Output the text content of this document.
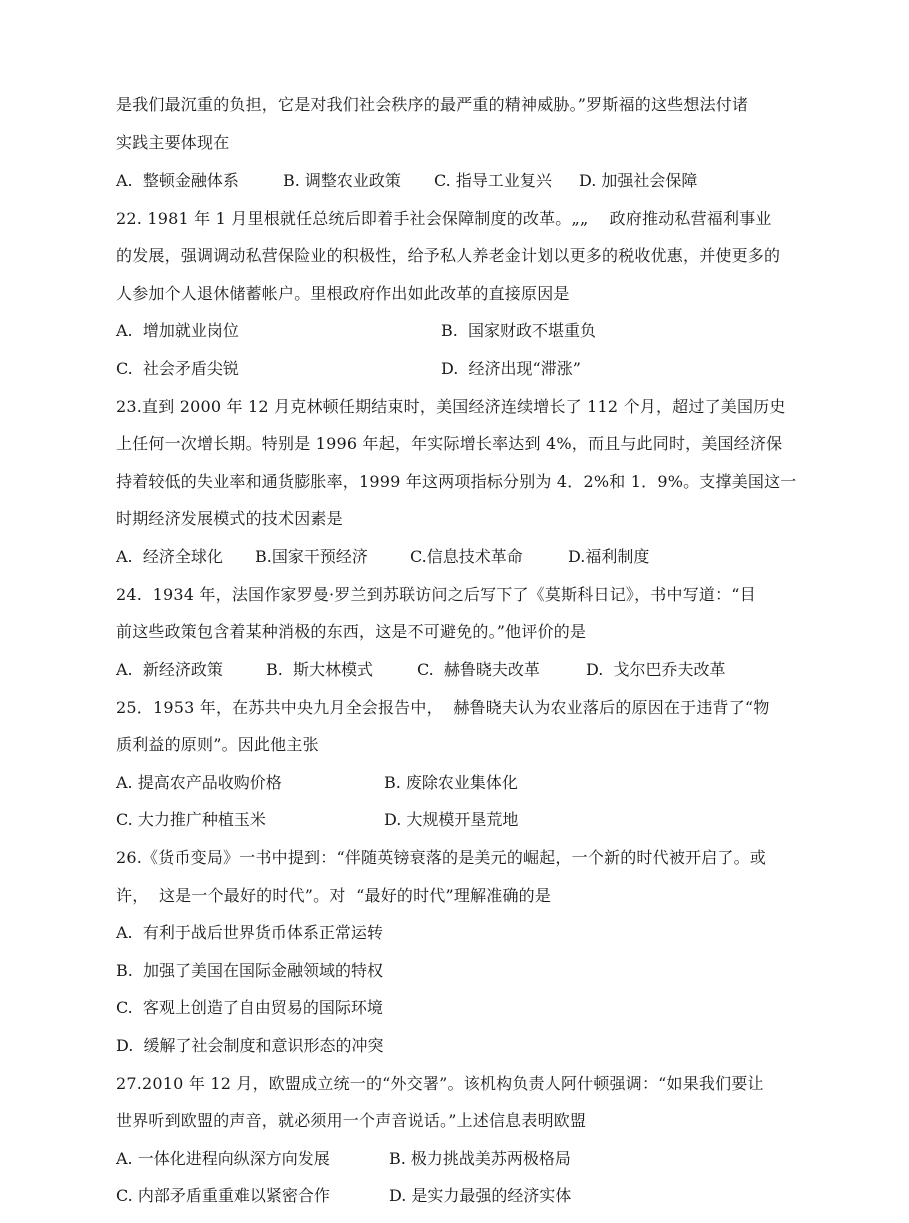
是我们最沉重的负担，它是对我们社会秩序的最严重的精神威胁。”罗斯福的这些想法付诸
实践主要体现在
A.  整顿金融体系	B. 调整农业政策 C. 指导工业复兴 D. 加强社会保障
22. 1981 年 1 月里根就任总统后即着手社会保障制度的改革。„„    政府推动私营福利事业
的发展，强调调动私营保险业的积极性，给予私人养老金计划以更多的税收优惠，并使更多的
人参加个人退休储蓄帐户。里根政府作出如此改革的直接原因是
A.  增加就业岗位	B.  国家财政不堪重负
C.  社会矛盾尖锐	D.  经济出现“滞涨”
23.直到 2000 年 12 月克林顿任期结束时，美国经济连续增长了 112 个月，超过了美国历史
上任何一次增长期。特别是 1996 年起，年实际增长率达到 4%，而且与此同时，美国经济保
持着较低的失业率和通货膨胀率，1999 年这两项指标分别为 4．2%和 1．9%。支撑美国这一
时期经济发展模式的技术因素是
A.  经济全球化 B.国家干预经济	C.信息技术革命	D.福利制度
24.  1934 年，法国作家罗曼·罗兰到苏联访问之后写下了《莫斯科日记》，书中写道：“目
前这些政策包含着某种消极的东西，这是不可避免的。”他评价的是
A.  新经济政策	B.  斯大林模式	C.  赫鲁晓夫改革	D.  戈尔巴乔夫改革
25．1953 年，在苏共中央九月全会报告中，  赫鲁晓夫认为农业落后的原因在于违背了“物
质利益的原则”。因此他主张
A. 提高农产品收购价格	B. 废除农业集体化
C. 大力推广种植玉米	D. 大规模开垦荒地
26.《货币变局》一书中提到：“伴随英镑衰落的是美元的崛起，一个新的时代被开启了。或
许，  这是一个最好的时代”。对  “最好的时代”理解准确的是
A.  有利于战后世界货币体系正常运转
B.  加强了美国在国际金融领域的特权
C.  客观上创造了自由贸易的国际环境
D.  缓解了社会制度和意识形态的冲突
27.2010 年 12 月，欧盟成立统一的“外交署”。该机构负责人阿什顿强调：“如果我们要让
世界听到欧盟的声音，就必须用一个声音说话。”上述信息表明欧盟
A. 一体化进程向纵深方向发展	B. 极力挑战美苏两极格局
C. 内部矛盾重重难以紧密合作	D. 是实力最强的经济实体
